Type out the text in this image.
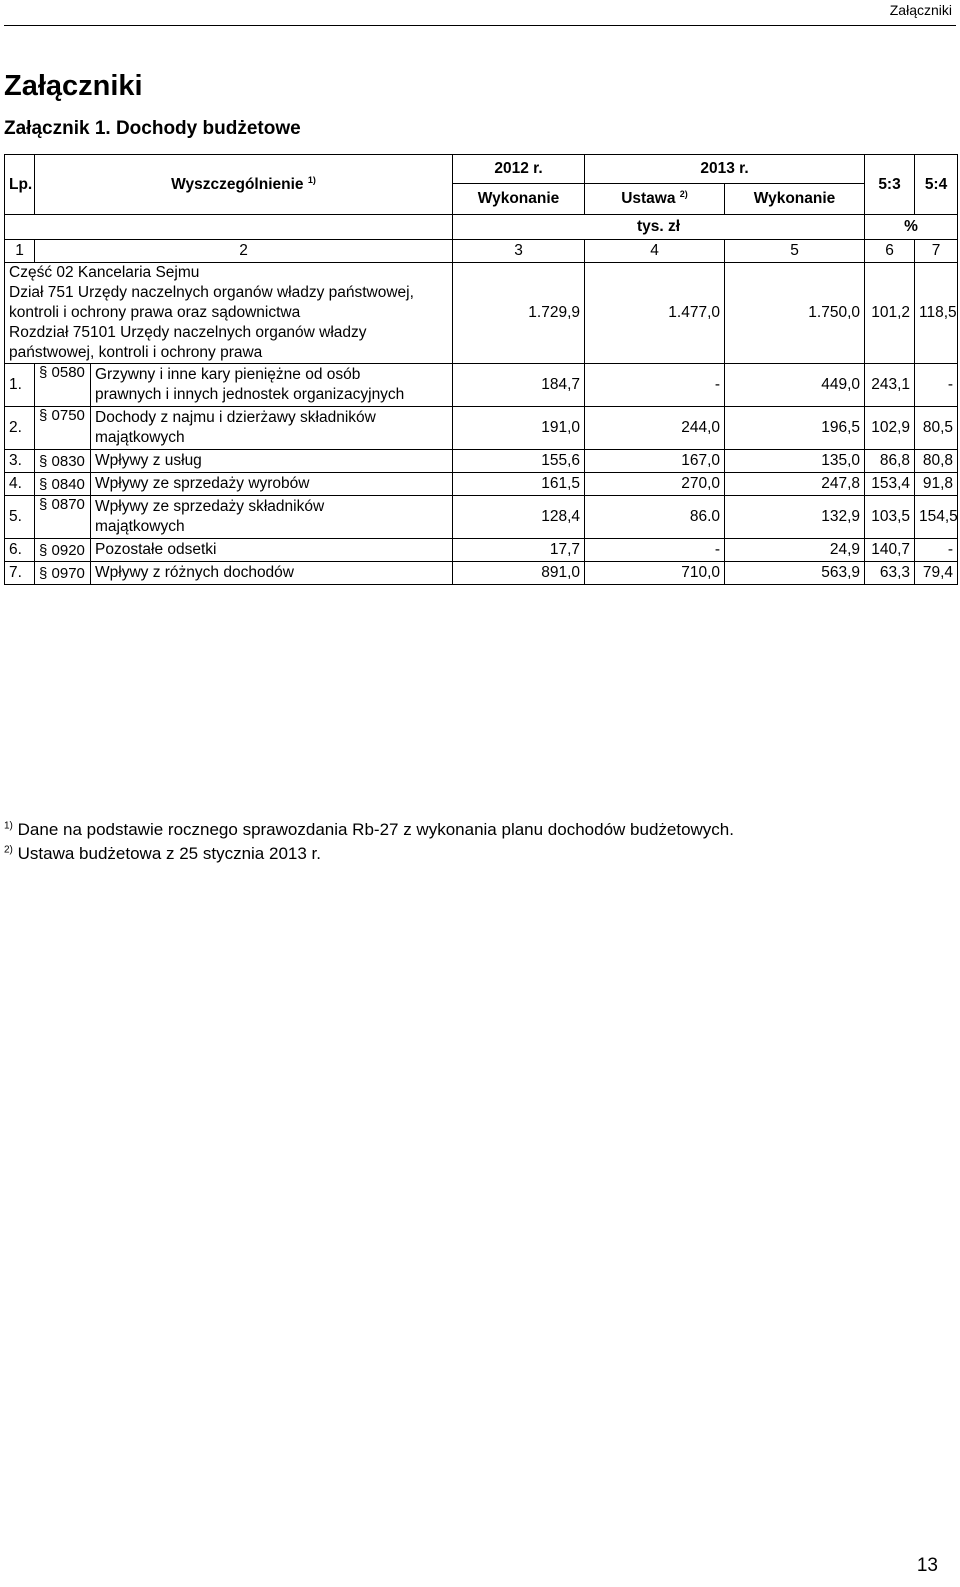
Załączniki
Załączniki
Załącznik 1. Dochody budżetowe
Lp.	Wyszczególnienie $^{1)}$		2012 r.	2013 r.		5:3	5:4
			Wykonanie	Ustawa $^{2)}$	Wykonanie		
			tys. zł			%	
1	2		3	4	5	6	7

Część 02 Kancelaria Sejmu
Dział 751 Urzędy naczelnych organów władzy państwowej,
kontroli i ochrony prawa oraz sądownictwa
Rozdział 75101 Urzędy naczelnych organów władzy
państwowej, kontroli i ochrony prawa			1.729,9	1.477,0	1.750,0	101,2	118,5
1.	§ 0580	Grzywny i inne kary pieniężne od osób
prawnych i innych jednostek organizacyjnych	184,7	-	449,0	243,1	-
2.	§ 0750	Dochody z najmu i dzierżawy składników
majątkowych	191,0	244,0	196,5	102,9	80,5
3.	§ 0830	Wpływy z usług	155,6	167,0	135,0	86,8	80,8
4.	§ 0840	Wpływy ze sprzedaży wyrobów	161,5	270,0	247,8	153,4	91,8
5.	§ 0870	Wpływy ze sprzedaży składników
majątkowych	128,4	86.0	132,9	103,5	154,5
6.	§ 0920	Pozostałe odsetki	17,7	-	24,9	140,7	-
7.	§ 0970	Wpływy z różnych dochodów	891,0	710,0	563,9	63,3	79,4
$^{1)}$ Dane na podstawie rocznego sprawozdania Rb-27 z wykonania planu dochodów budżetowych.
$^{2)}$ Ustawa budżetowa z 25 stycznia 2013 r.
13
